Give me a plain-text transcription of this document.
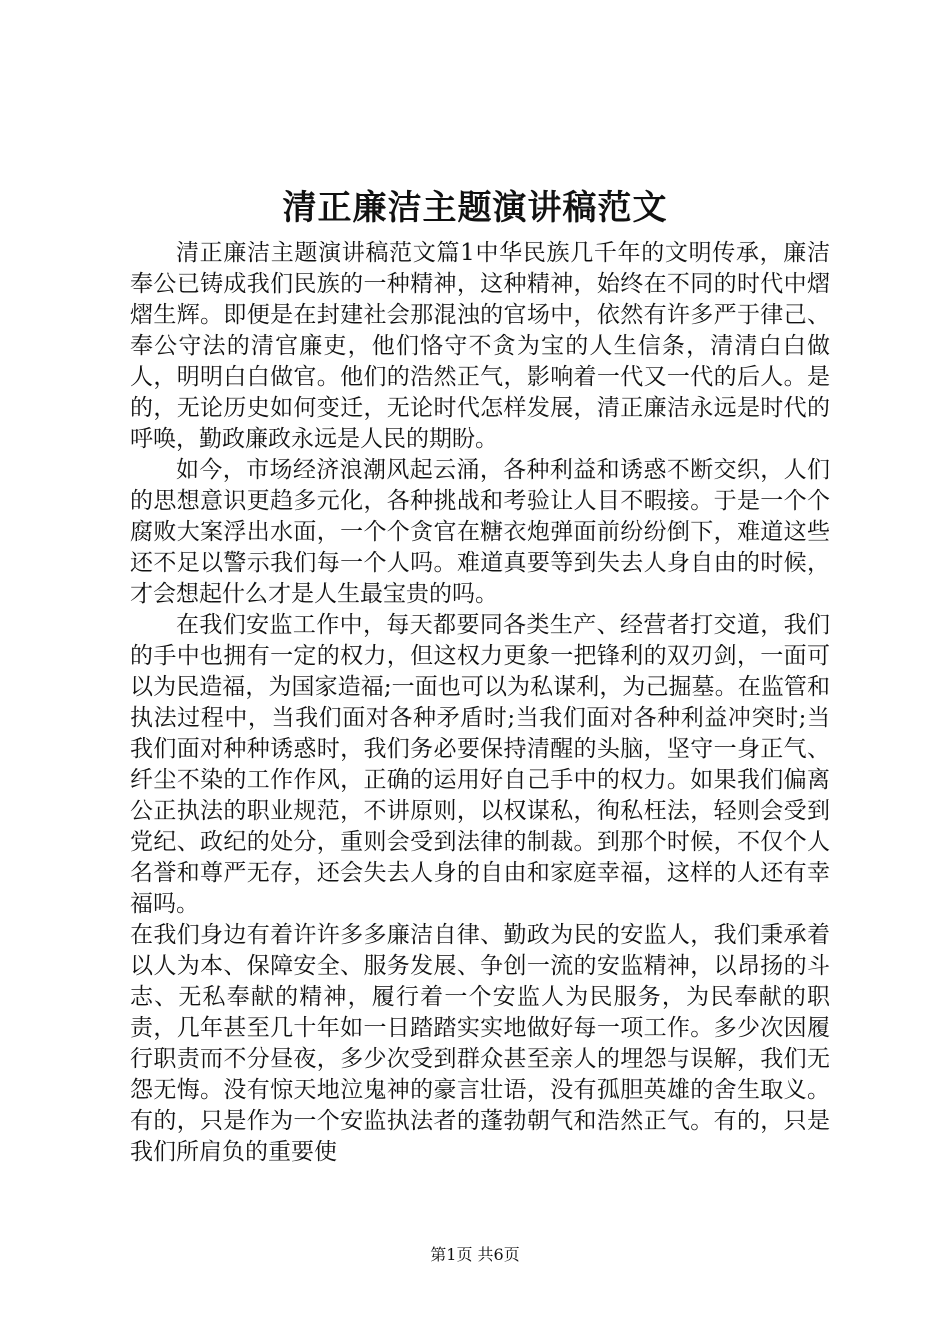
清正廉洁主题演讲稿范文

清正廉洁主题演讲稿范文篇1中华民族几千年的文明传承，廉洁奉公已铸成我们民族的一种精神，这种精神，始终在不同的时代中熠熠生辉。即便是在封建社会那混浊的官场中，依然有许多严于律己、奉公守法的清官廉吏，他们恪守不贪为宝的人生信条，清清白白做人，明明白白做官。他们的浩然正气，影响着一代又一代的后人。是的，无论历史如何变迁，无论时代怎样发展，清正廉洁永远是时代的呼唤，勤政廉政永远是人民的期盼。

如今，市场经济浪潮风起云涌，各种利益和诱惑不断交织，人们的思想意识更趋多元化，各种挑战和考验让人目不暇接。于是一个个腐败大案浮出水面，一个个贪官在糖衣炮弹面前纷纷倒下，难道这些还不足以警示我们每一个人吗。难道真要等到失去人身自由的时候，才会想起什么才是人生最宝贵的吗。

在我们安监工作中，每天都要同各类生产、经营者打交道，我们的手中也拥有一定的权力，但这权力更象一把锋利的双刃剑，一面可以为民造福，为国家造福;一面也可以为私谋利，为己掘墓。在监管和执法过程中，当我们面对各种矛盾时;当我们面对各种利益冲突时;当我们面对种种诱惑时，我们务必要保持清醒的头脑，坚守一身正气、纤尘不染的工作作风，正确的运用好自己手中的权力。如果我们偏离公正执法的职业规范，不讲原则，以权谋私，徇私枉法，轻则会受到党纪、政纪的处分，重则会受到法律的制裁。到那个时候，不仅个人名誉和尊严无存，还会失去人身的自由和家庭幸福，这样的人还有幸福吗。

在我们身边有着许许多多廉洁自律、勤政为民的安监人，我们秉承着以人为本、保障安全、服务发展、争创一流的安监精神，以昂扬的斗志、无私奉献的精神，履行着一个安监人为民服务，为民奉献的职责，几年甚至几十年如一日踏踏实实地做好每一项工作。多少次因履行职责而不分昼夜，多少次受到群众甚至亲人的埋怨与误解，我们无怨无悔。没有惊天地泣鬼神的豪言壮语，没有孤胆英雄的舍生取义。有的，只是作为一个安监执法者的蓬勃朝气和浩然正气。有的，只是我们所肩负的重要使

第1页 共6页
